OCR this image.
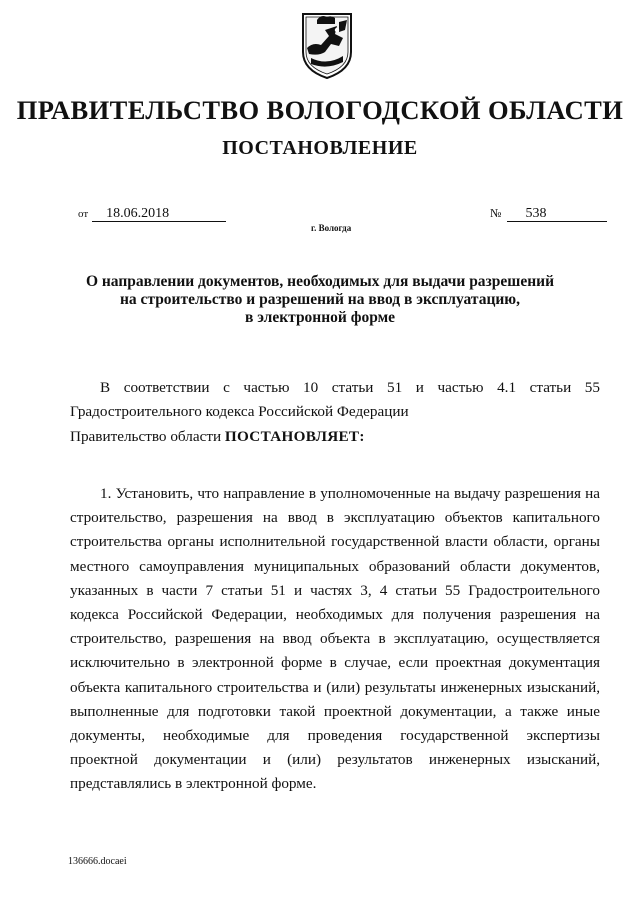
ПРАВИТЕЛЬСТВО ВОЛОГОДСКОЙ ОБЛАСТИ
ПОСТАНОВЛЕНИЕ
от 18.06.2018	№ 538
г. Вологда
О направлении документов, необходимых для выдачи разрешений
на строительство и разрешений на ввод в эксплуатацию,
в электронной форме
В соответствии с частью 10 статьи 51 и частью 4.1 статьи 55 Градостроительного кодекса Российской Федерации
Правительство области ПОСТАНОВЛЯЕТ:
1. Установить, что направление в уполномоченные на выдачу разрешения на строительство, разрешения на ввод в эксплуатацию объектов капитального строительства органы исполнительной государственной власти области, органы местного самоуправления муниципальных образований области документов, указанных в части 7 статьи 51 и частях 3, 4 статьи 55 Градостроительного кодекса Российской Федерации, необходимых для получения разрешения на строительство, разрешения на ввод объекта в эксплуатацию, осуществляется исключительно в электронной форме в случае, если проектная документация объекта капитального строительства и (или) результаты инженерных изысканий, выполненные для подготовки такой проектной документации, а также иные документы, необходимые для проведения государственной экспертизы проектной документации и (или) результатов инженерных изысканий, представлялись в электронной форме.
136666.docaei
